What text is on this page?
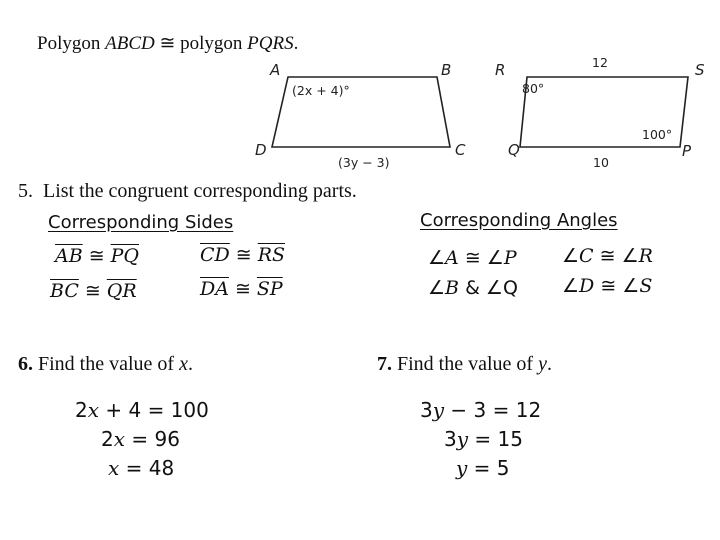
Polygon ABCD ≅ polygon PQRS.
A	B
C
D
R	S
Q	P
(2x + 4)°
(3y − 3)
12
10
80°
100°
5. List the congruent corresponding parts.
Corresponding Sides	Corresponding Angles
$\overline{AB}$ ≅ $\overline{PQ}$	$\overline{CD}$ ≅ $\overline{RS}$
$\overline{BC}$ ≅ $\overline{QR}$	$\overline{DA}$ ≅ $\overline{SP}$
∠A ≅ ∠P ∠C ≅ ∠R
∠B & ∠Q ∠D ≅ ∠S
6. Find the value of x.	7. Find the value of y.
2x + 4 = 100
2x = 96
x = 48
3y − 3 = 12
3y = 15
y = 5
